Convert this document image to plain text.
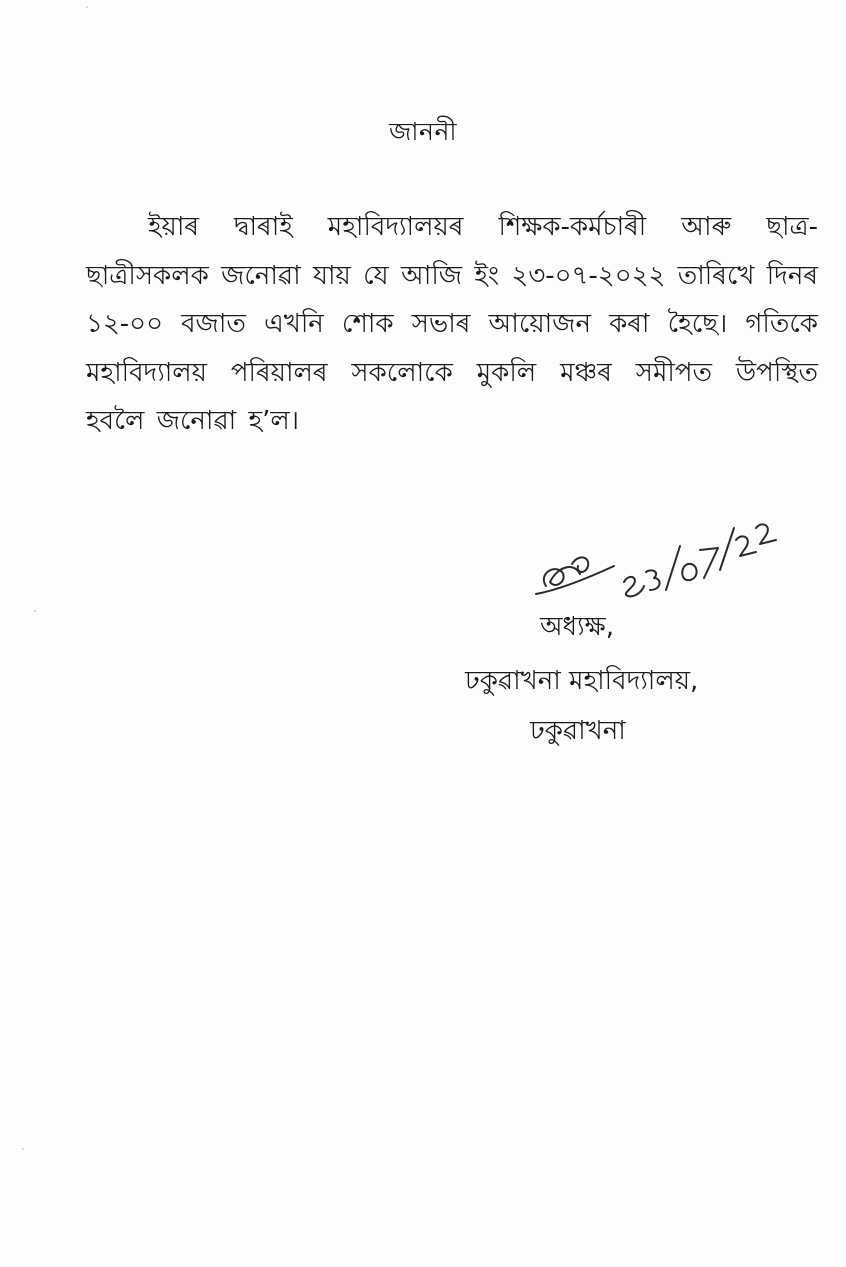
জাননী
ইয়াৰ দ্বাৰাই মহাবিদ্যালয়ৰ শিক্ষক-কৰ্মচাৰী আৰু ছাত্ৰ-ছাত্ৰীসকলক জনোৱা যায় যে আজি ইং ২৩-০৭-২০২২ তাৰিখে দিনৰ ১২-০০ বজাত এখনি শোক সভাৰ আয়োজন কৰা হৈছে। গতিকে মহাবিদ্যালয় পৰিয়ালৰ সকলোকে মুকলি মঞ্চৰ সমীপত উপস্থিত হবলৈ জনোৱা হ’ল।
অধ্যক্ষ,
ঢকুৱাখনা মহাবিদ্যালয়,
ঢকুৱাখনা
